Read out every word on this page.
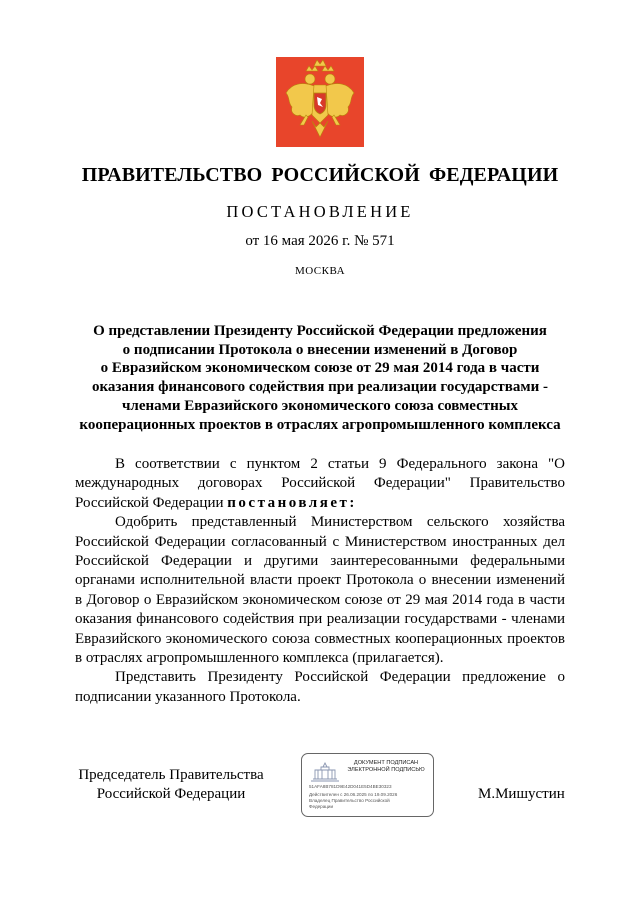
ПРАВИТЕЛЬСТВО РОССИЙСКОЙ ФЕДЕРАЦИИ
ПОСТАНОВЛЕНИЕ
от 16 мая 2026 г. № 571
МОСКВА
О представлении Президенту Российской Федерации предложения
о подписании Протокола о внесении изменений в Договор
о Евразийском экономическом союзе от 29 мая 2014 года в части
оказания финансового содействия при реализации государствами -
членами Евразийского экономического союза совместных
кооперационных проектов в отраслях агропромышленного комплекса

В соответствии с пунктом 2 статьи 9 Федерального закона "О международных договорах Российской Федерации" Правительство Российской Федерации постановляет:

Одобрить представленный Министерством сельского хозяйства Российской Федерации согласованный с Министерством иностранных дел Российской Федерации и другими заинтересованными федеральными органами исполнительной власти проект Протокола о внесении изменений в Договор о Евразийском экономическом союзе от 29 мая 2014 года в части оказания финансового содействия при реализации государствами - членами Евразийского экономического союза совместных кооперационных проектов в отраслях агропромышленного комплекса (прилагается).

Представить Президенту Российской Федерации предложение о подписании указанного Протокола.

Председатель Правительства
Российской Федерации
ДОКУМЕНТ ПОДПИСАН
ЭЛЕКТРОННОЙ ПОДПИСЬЮ
51AFA8B781D9E42D041E5D4BE30323
Действителен с 26.06.2025 по 19.09.2026
Владелец Правительство Российской
Федерации
М.Мишустин
